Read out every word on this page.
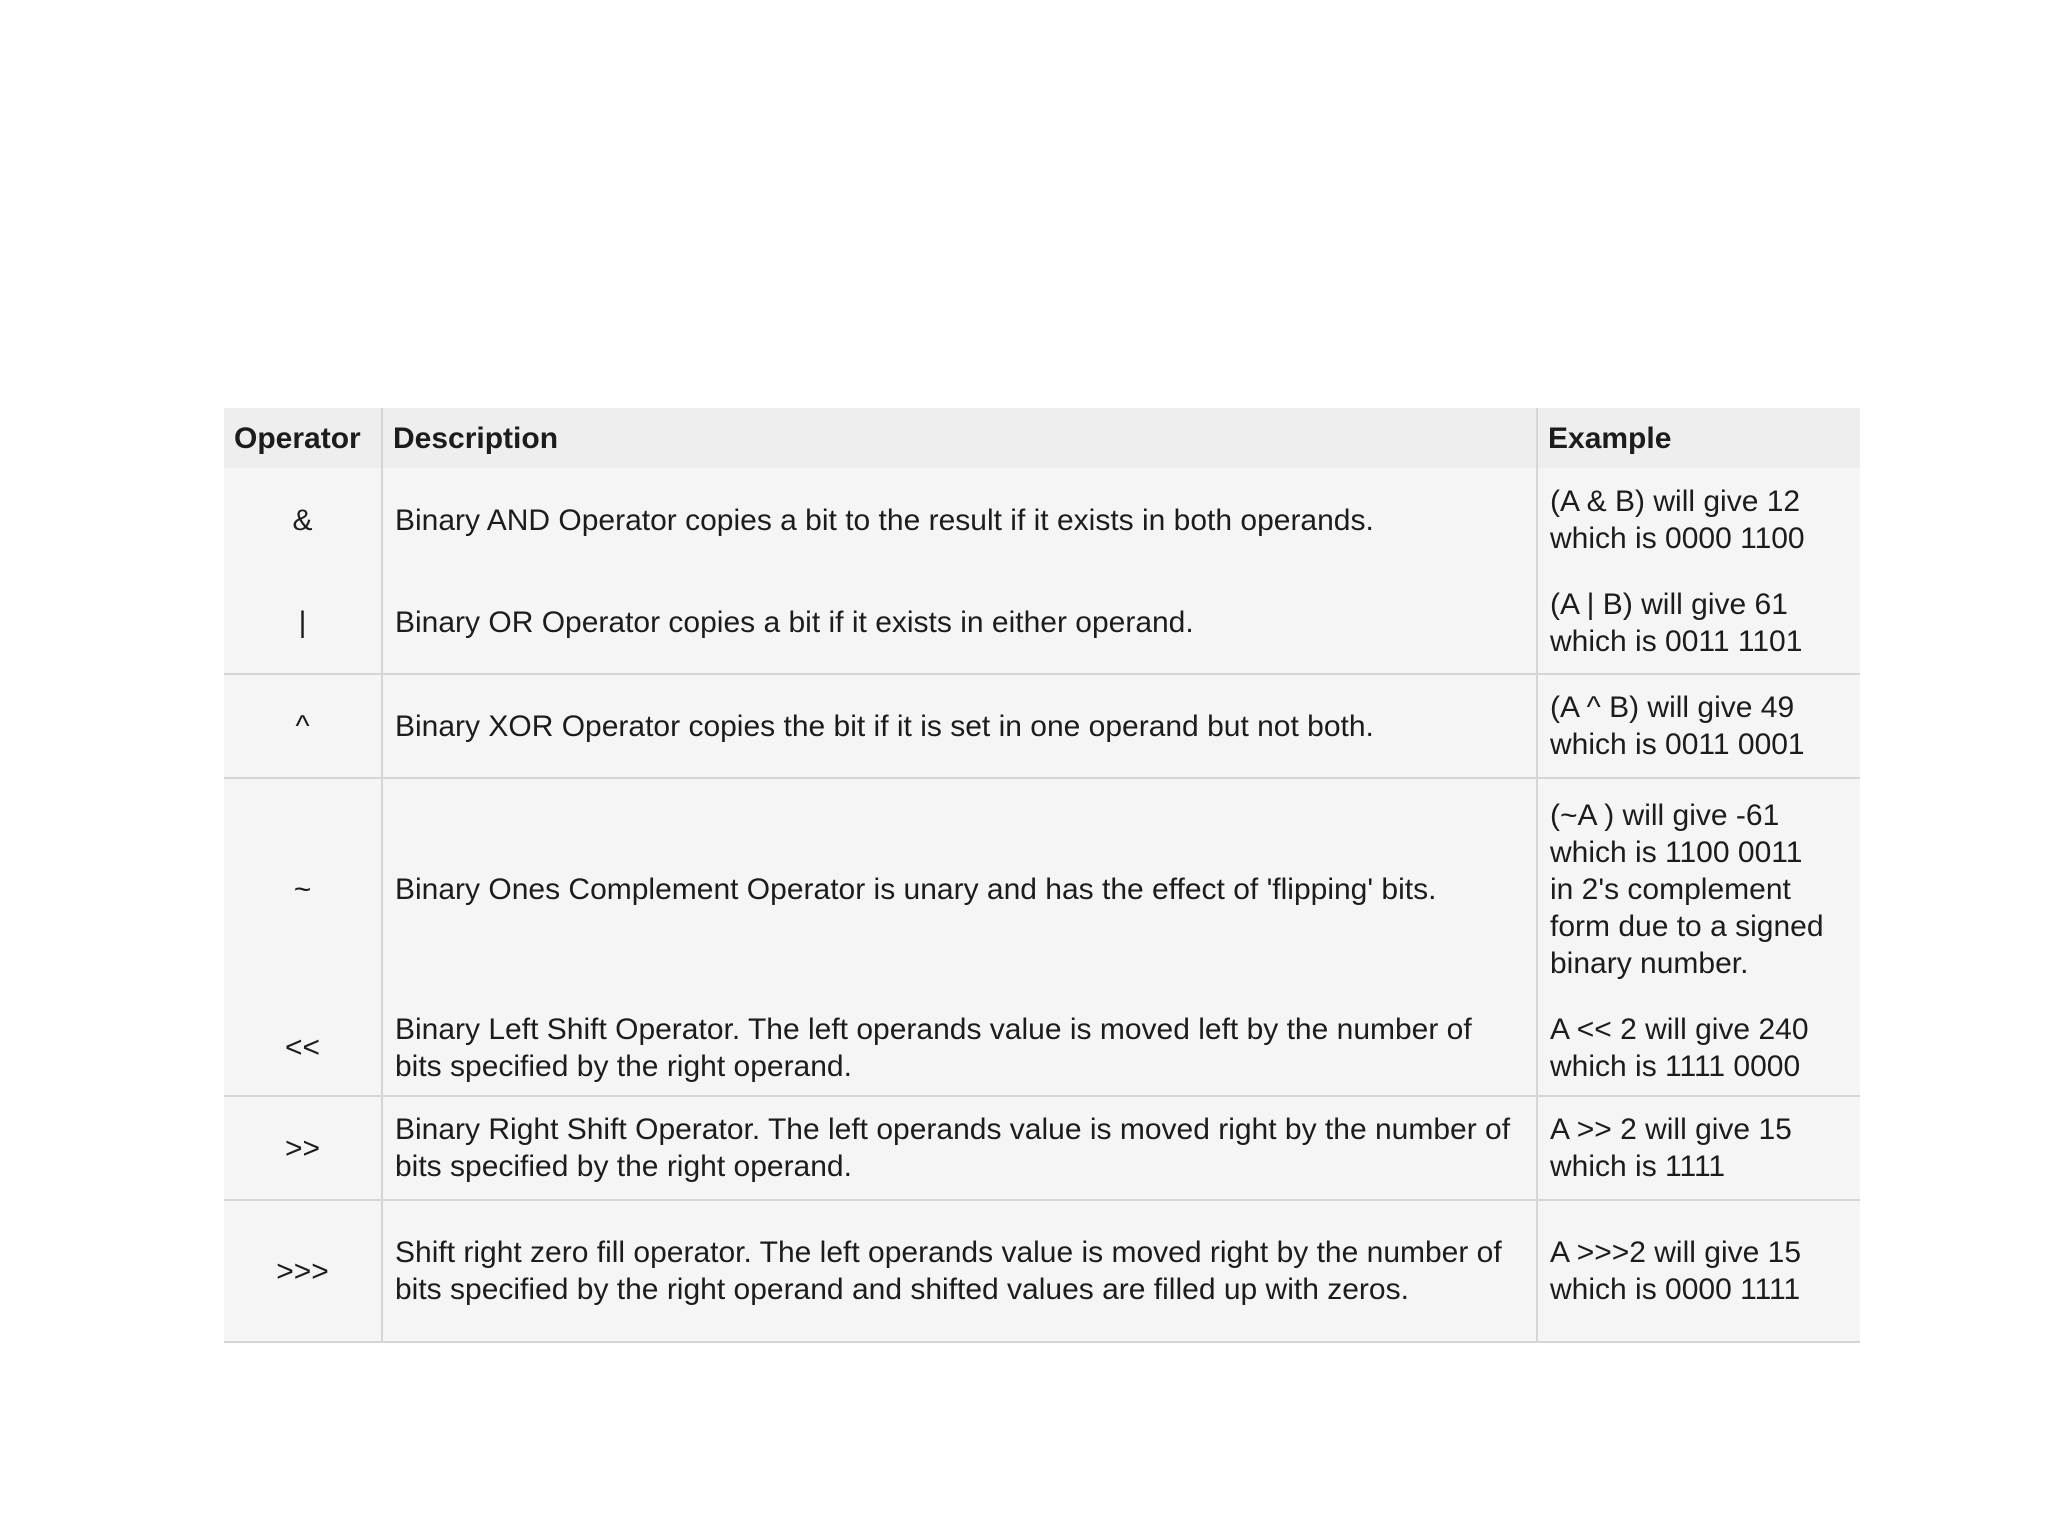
Operator	Description	Example
&	Binary AND Operator copies a bit to the result if it exists in both operands.	(A & B) will give 12
which is 0000 1100

|	Binary OR Operator copies a bit if it exists in either operand.	(A | B) will give 61
which is 0011 1101

^	Binary XOR Operator copies the bit if it is set in one operand but not both.	(A ^ B) will give 49
which is 0011 0001

~	Binary Ones Complement Operator is unary and has the effect of 'flipping' bits.	(~A ) will give -61
which is 1100 0011
in 2's complement
form due to a signed
binary number.

<<	Binary Left Shift Operator. The left operands value is moved left by the number of bits specified by the right operand.	A << 2 will give 240
which is 1111 0000

>>	Binary Right Shift Operator. The left operands value is moved right by the number of bits specified by the right operand.	A >> 2 will give 15
which is 1111

>>>	Shift right zero fill operator. The left operands value is moved right by the number of bits specified by the right operand and shifted values are filled up with zeros.	A >>>2 will give 15
which is 0000 1111
